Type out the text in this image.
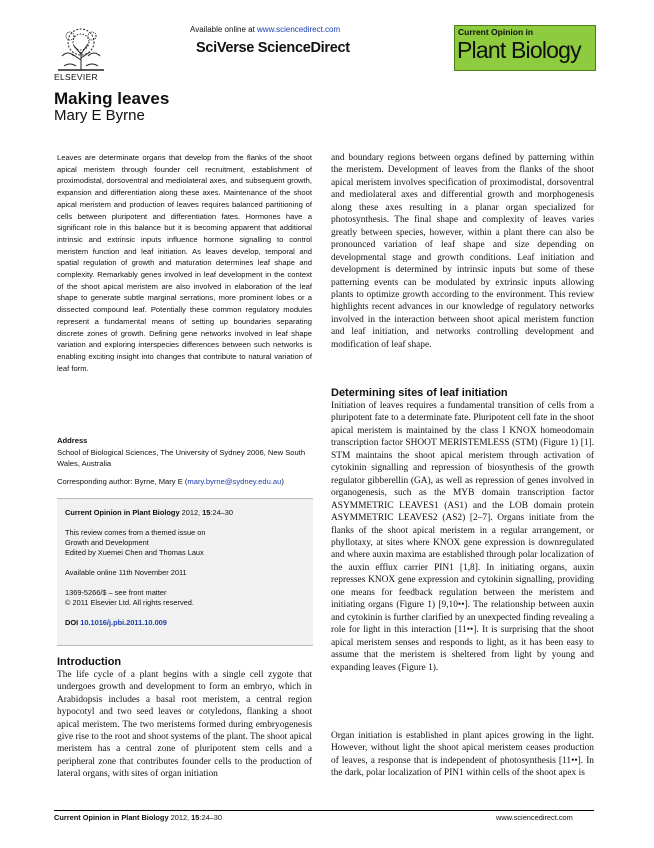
ELSEVIER
Available online at www.sciencedirect.com
SciVerse ScienceDirect
Current Opinion in
Plant Biology
Making leaves
Mary E Byrne
Leaves are determinate organs that develop from the flanks of the shoot apical meristem through founder cell recruitment, establishment of proximodistal, dorsoventral and mediolateral axes, and subsequent growth, expansion and differentiation along these axes. Maintenance of the shoot apical meristem and production of leaves requires balanced partitioning of cells between pluripotent and differentiation fates. Hormones have a significant role in this balance but it is becoming apparent that additional intrinsic and extrinsic inputs influence hormone signalling to control meristem function and leaf initiation. As leaves develop, temporal and spatial regulation of growth and maturation determines leaf shape and complexity. Remarkably genes involved in leaf development in the context of the shoot apical meristem are also involved in elaboration of the leaf shape to generate subtle marginal serrations, more prominent lobes or a dissected compound leaf. Potentially these common regulatory modules represent a fundamental means of setting up boundaries separating discrete zones of growth. Defining gene networks involved in leaf shape variation and exploring interspecies differences between such networks is enabling exciting insight into changes that contribute to natural variation of leaf form.
Address
School of Biological Sciences, The University of Sydney 2006, New South Wales, Australia
Corresponding author: Byrne, Mary E (mary.byrne@sydney.edu.au)
Current Opinion in Plant Biology 2012, 15:24–30
This review comes from a themed issue on
Growth and Development
Edited by Xuemei Chen and Thomas Laux
Available online 11th November 2011
1369-5266/$ – see front matter
© 2011 Elsevier Ltd. All rights reserved.
DOI 10.1016/j.pbi.2011.10.009
Introduction
The life cycle of a plant begins with a single cell zygote that undergoes growth and development to form an embryo, which in Arabidopsis includes a basal root meristem, a central region hypocotyl and two seed leaves or cotyledons, flanking a shoot apical meristem. The two meristems formed during embryogenesis give rise to the root and shoot systems of the plant. The shoot apical meristem has a central zone of pluripotent stem cells and a peripheral zone that contributes founder cells to the production of lateral organs, with sites of organ initiation
and boundary regions between organs defined by patterning within the meristem. Development of leaves from the flanks of the shoot apical meristem involves specification of proximodistal, dorsoventral and mediolateral axes and differential growth and morphogenesis along these axes resulting in a planar organ specialized for photosynthesis. The final shape and complexity of leaves varies greatly between species, however, within a plant there can also be pronounced variation of leaf shape and size depending on developmental stage and growth conditions. Leaf initiation and development is determined by intrinsic inputs but some of these patterning events can be modulated by extrinsic inputs allowing plants to optimize growth according to the environment. This review highlights recent advances in our knowledge of regulatory networks involved in the interaction between shoot apical meristem function and leaf initiation, and networks controlling development and modification of leaf shape.
Determining sites of leaf initiation
Initiation of leaves requires a fundamental transition of cells from a pluripotent fate to a determinate fate. Pluripotent cell fate in the shoot apical meristem is maintained by the class I KNOX homeodomain transcription factor SHOOT MERISTEMLESS (STM) (Figure 1) [1]. STM maintains the shoot apical meristem through activation of cytokinin signalling and repression of biosynthesis of the growth regulator gibberellin (GA), as well as repression of genes involved in organogenesis, such as the MYB domain transcription factor ASYMMETRIC LEAVES1 (AS1) and the LOB domain protein ASYMMETRIC LEAVES2 (AS2) [2–7]. Organs initiate from the flanks of the shoot apical meristem in a regular arrangement, or phyllotaxy, at sites where KNOX gene expression is downregulated and where auxin maxima are established through polar localization of the auxin efflux carrier PIN1 [1,8]. In initiating organs, auxin represses KNOX gene expression and cytokinin signalling, providing one means for feedback regulation between the meristem and initiating organs (Figure 1) [9,10••]. The relationship between auxin and cytokinin is further clarified by an unexpected finding revealing a role for light in this interaction [11••]. It is surprising that the shoot apical meristem senses and responds to light, as it has been easy to assume that the meristem is sheltered from light by young and expanding leaves (Figure 1).
Organ initiation is established in plant apices growing in the light. However, without light the shoot apical meristem ceases production of leaves, a response that is independent of photosynthesis [11••]. In the dark, polar localization of PIN1 within cells of the shoot apex is
Current Opinion in Plant Biology 2012, 15:24–30	www.sciencedirect.com
